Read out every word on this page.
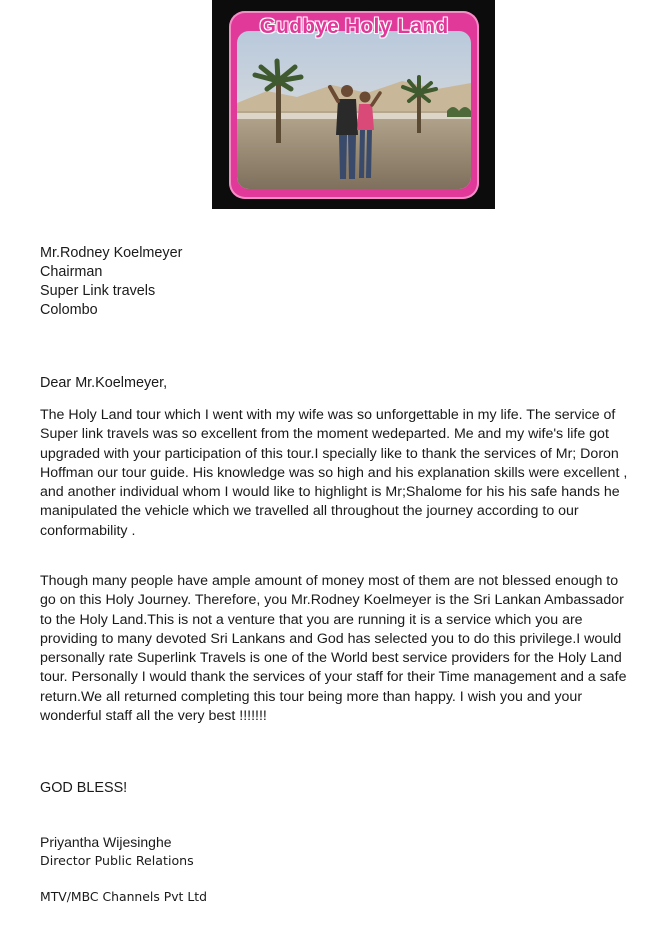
Gudbye Holy Land
Mr.Rodney Koelmeyer
Chairman
Super Link travels
Colombo
Dear Mr.Koelmeyer,
The Holy Land tour which I went with my wife was so unforgettable in my life. The service of Super link travels was so excellent from the moment wedeparted. Me and my wife's life got upgraded with your participation of this tour.I specially like to thank the services of Mr; Doron Hoffman our tour guide. His knowledge was so high and his explanation skills were excellent , and another individual whom I would like to highlight is Mr;Shalome for his his safe hands he manipulated the vehicle which we travelled all throughout the journey according to our conformability .
Though many people have ample amount of money most of them are not blessed enough to go on this Holy Journey. Therefore, you Mr.Rodney Koelmeyer is the Sri Lankan Ambassador to the Holy Land.This is not a venture that you are running it is a service which you are providing to many devoted Sri Lankans and God has selected you to do this privilege.I would personally rate Superlink Travels is one of the World best service providers for the Holy Land tour. Personally I would thank the services of your staff for their Time management and a safe return.We all returned completing this tour being more than happy. I wish you and your wonderful staff all the very best !!!!!!!
GOD BLESS!
Priyantha Wijesinghe
Director Public Relations
MTV/MBC Channels Pvt Ltd
